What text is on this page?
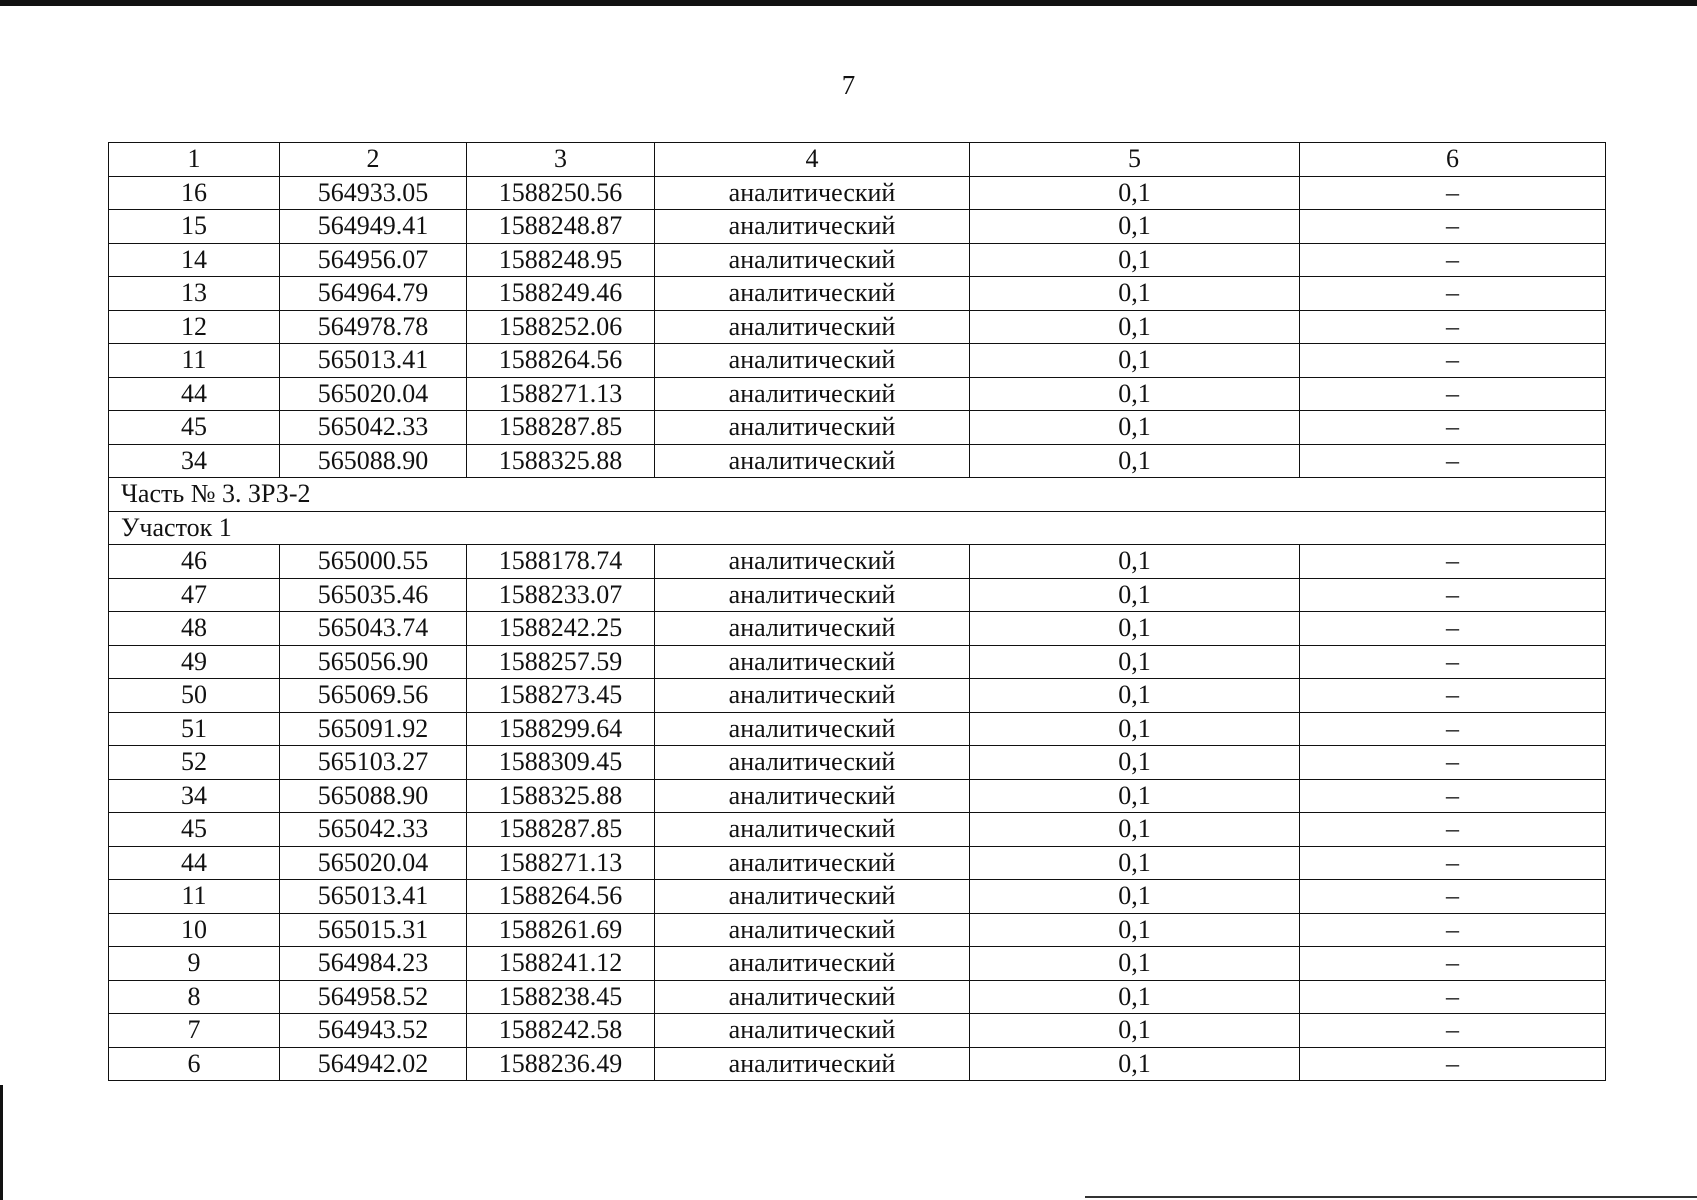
7
1	2	3	4	5	6
16	564933.05	1588250.56	аналитический	0,1	–
15	564949.41	1588248.87	аналитический	0,1	–
14	564956.07	1588248.95	аналитический	0,1	–
13	564964.79	1588249.46	аналитический	0,1	–
12	564978.78	1588252.06	аналитический	0,1	–
11	565013.41	1588264.56	аналитический	0,1	–
44	565020.04	1588271.13	аналитический	0,1	–
45	565042.33	1588287.85	аналитический	0,1	–
34	565088.90	1588325.88	аналитический	0,1	–
Часть № 3. ЗРЗ-2					
Участок 1					
46	565000.55	1588178.74	аналитический	0,1	–
47	565035.46	1588233.07	аналитический	0,1	–
48	565043.74	1588242.25	аналитический	0,1	–
49	565056.90	1588257.59	аналитический	0,1	–
50	565069.56	1588273.45	аналитический	0,1	–
51	565091.92	1588299.64	аналитический	0,1	–
52	565103.27	1588309.45	аналитический	0,1	–
34	565088.90	1588325.88	аналитический	0,1	–
45	565042.33	1588287.85	аналитический	0,1	–
44	565020.04	1588271.13	аналитический	0,1	–
11	565013.41	1588264.56	аналитический	0,1	–
10	565015.31	1588261.69	аналитический	0,1	–
9	564984.23	1588241.12	аналитический	0,1	–
8	564958.52	1588238.45	аналитический	0,1	–
7	564943.52	1588242.58	аналитический	0,1	–
6	564942.02	1588236.49	аналитический	0,1	–
